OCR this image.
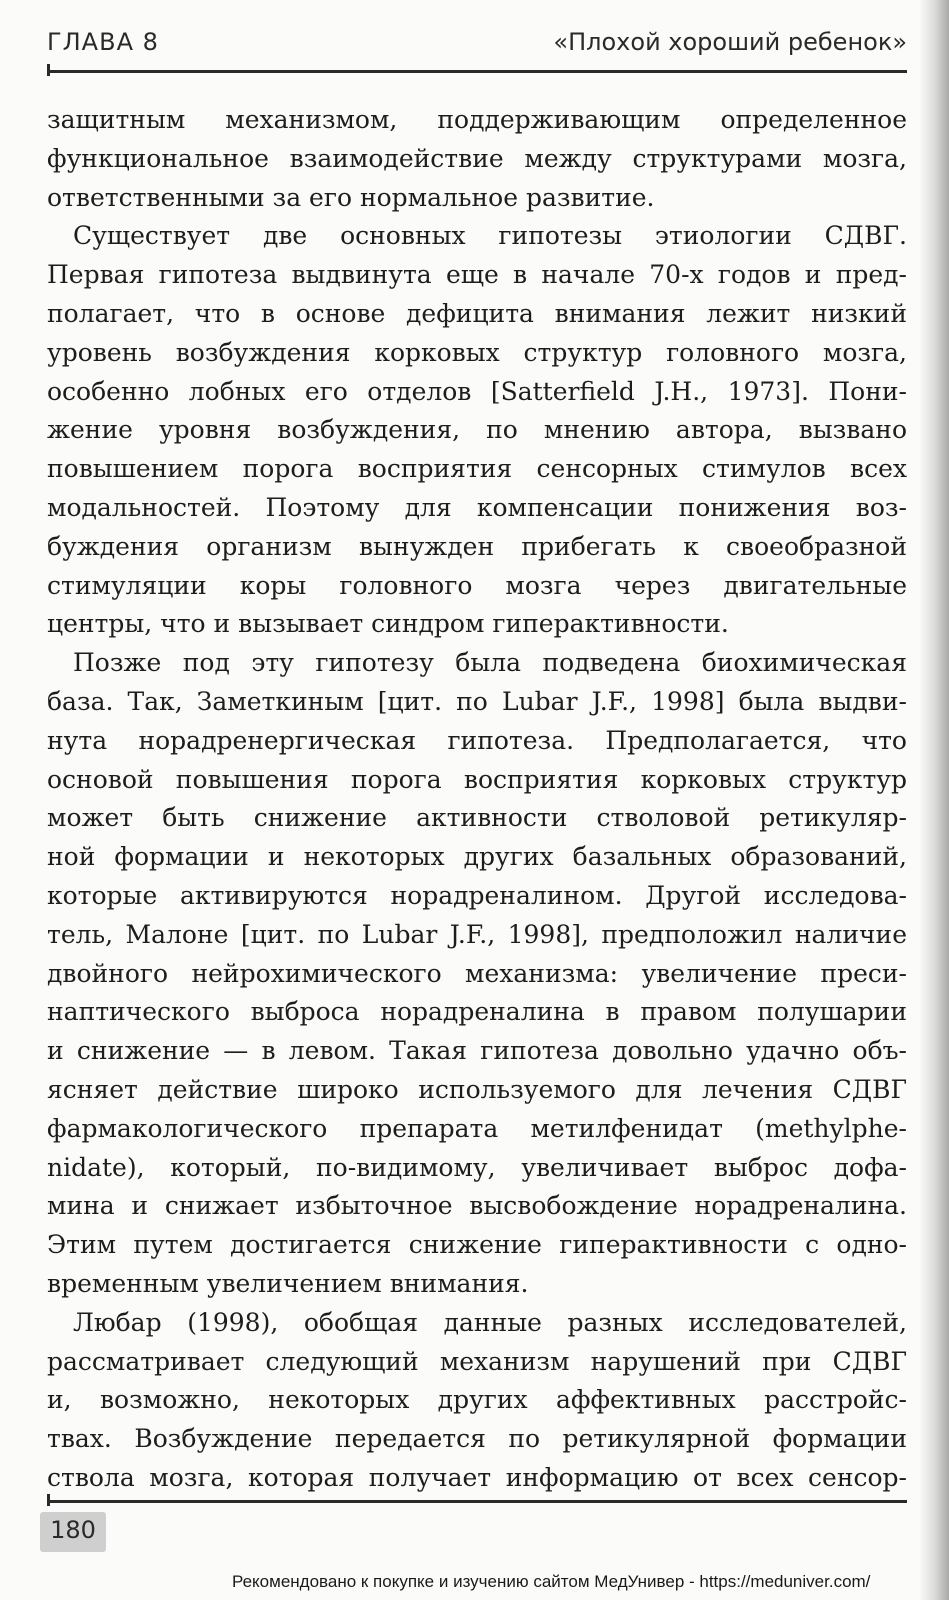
ГЛАВА 8	«Плохой хороший ребенок»
защитным механизмом, поддерживающим определенное
функциональное взаимодействие между структурами мозга,
ответственными за его нормальное развитие.
Существует две основных гипотезы этиологии СДВГ.
Первая гипотеза выдвинута еще в начале 70-х годов и пред-
полагает, что в основе дефицита внимания лежит низкий
уровень возбуждения корковых структур головного мозга,
особенно лобных его отделов [Satterfield J.H., 1973]. Пони-
жение уровня возбуждения, по мнению автора, вызвано
повышением порога восприятия сенсорных стимулов всех
модальностей. Поэтому для компенсации понижения воз-
буждения организм вынужден прибегать к своеобразной
стимуляции коры головного мозга через двигательные
центры, что и вызывает синдром гиперактивности.
Позже под эту гипотезу была подведена биохимическая
база. Так, Заметкиным [цит. по Lubar J.F., 1998] была выдви-
нута норадренергическая гипотеза. Предполагается, что
основой повышения порога восприятия корковых структур
может быть снижение активности стволовой ретикуляр-
ной формации и некоторых других базальных образований,
которые активируются норадреналином. Другой исследова-
тель, Малоне [цит. по Lubar J.F., 1998], предположил наличие
двойного нейрохимического механизма: увеличение преси-
наптического выброса норадреналина в правом полушарии
и снижение — в левом. Такая гипотеза довольно удачно объ-
ясняет действие широко используемого для лечения СДВГ
фармакологического препарата метилфенидат (methylphe-
nidate), который, по-видимому, увеличивает выброс дофа-
мина и снижает избыточное высвобождение норадреналина.
Этим путем достигается снижение гиперактивности с одно-
временным увеличением внимания.
Любар (1998), обобщая данные разных исследователей,
рассматривает следующий механизм нарушений при СДВГ
и, возможно, некоторых других аффективных расстройс-
твах. Возбуждение передается по ретикулярной формации
ствола мозга, которая получает информацию от всех сенсор-
180
Рекомендовано к покупке и изучению сайтом МедУнивер - https://meduniver.com/
